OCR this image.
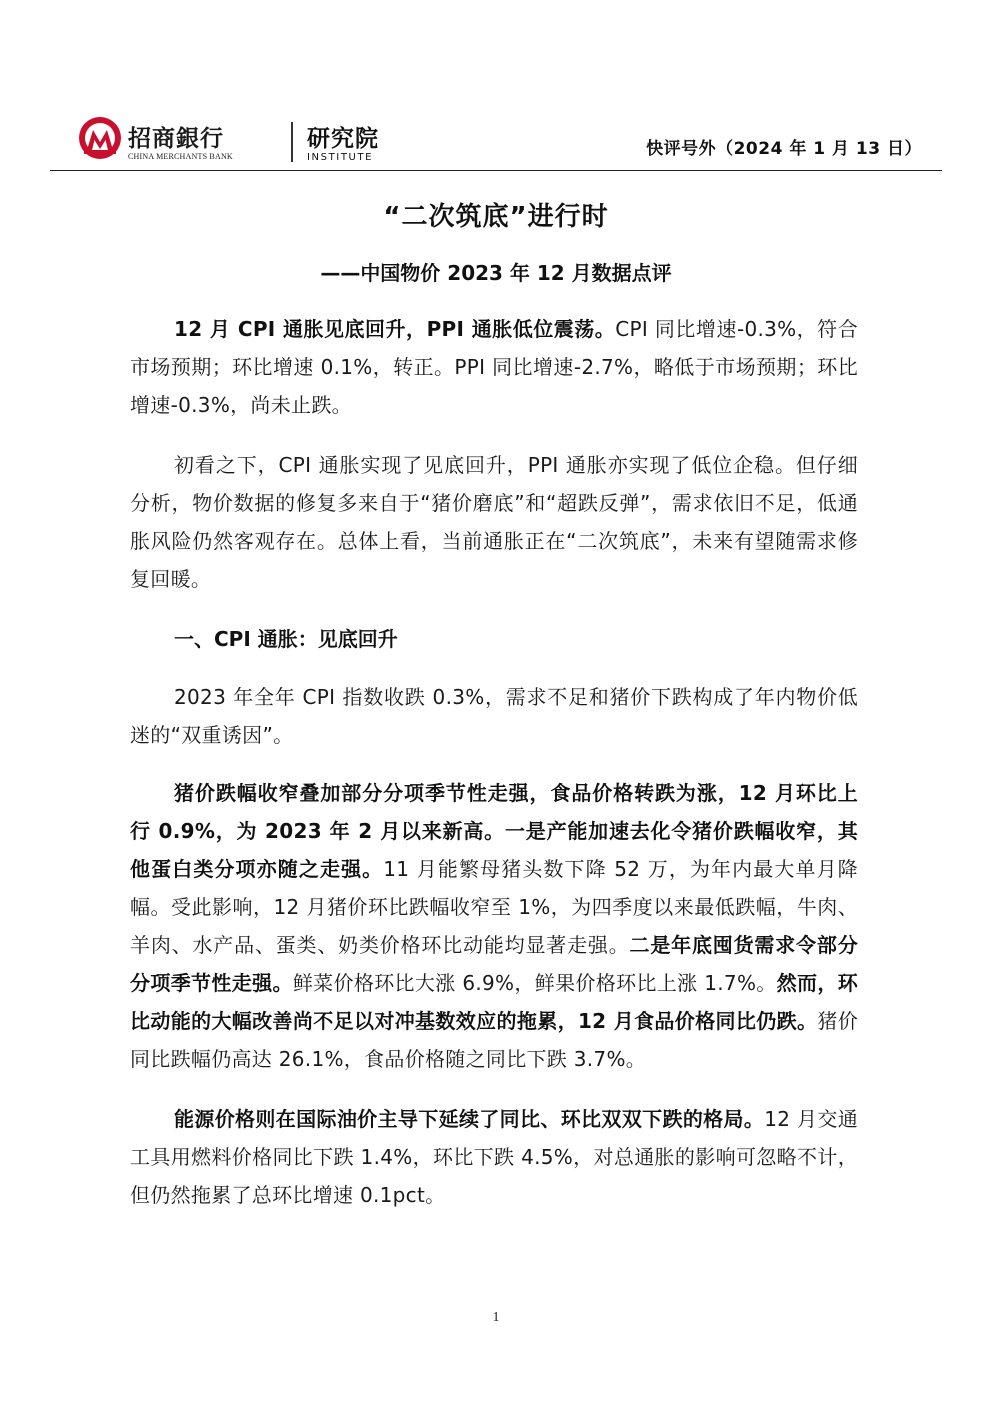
招商銀行
CHINA MERCHANTS BANK
研究院
INSTITUTE	快评号外（2024 年 1 月 13 日）
“二次筑底”进行时
——中国物价 2023 年 12 月数据点评

12 月 CPI 通胀见底回升，PPI 通胀低位震荡。CPI 同比增速-0.3%，符合市场预期；环比增速 0.1%，转正。PPI 同比增速-2.7%，略低于市场预期；环比增速-0.3%，尚未止跌。

初看之下，CPI 通胀实现了见底回升，PPI 通胀亦实现了低位企稳。但仔细分析，物价数据的修复多来自于“猪价磨底”和“超跌反弹”，需求依旧不足，低通胀风险仍然客观存在。总体上看，当前通胀正在“二次筑底”，未来有望随需求修复回暖。

一、CPI 通胀：见底回升

2023 年全年 CPI 指数收跌 0.3%，需求不足和猪价下跌构成了年内物价低迷的“双重诱因”。

猪价跌幅收窄叠加部分分项季节性走强，食品价格转跌为涨，12 月环比上行 0.9%，为 2023 年 2 月以来新高。一是产能加速去化令猪价跌幅收窄，其他蛋白类分项亦随之走强。11 月能繁母猪头数下降 52 万，为年内最大单月降幅。受此影响，12 月猪价环比跌幅收窄至 1%，为四季度以来最低跌幅，牛肉、羊肉、水产品、蛋类、奶类价格环比动能均显著走强。二是年底囤货需求令部分分项季节性走强。鲜菜价格环比大涨 6.9%，鲜果价格环比上涨 1.7%。然而，环比动能的大幅改善尚不足以对冲基数效应的拖累，12 月食品价格同比仍跌。猪价同比跌幅仍高达 26.1%，食品价格随之同比下跌 3.7%。

能源价格则在国际油价主导下延续了同比、环比双双下跌的格局。12 月交通工具用燃料价格同比下跌 1.4%，环比下跌 4.5%，对总通胀的影响可忽略不计，但仍然拖累了总环比增速 0.1pct。

1
